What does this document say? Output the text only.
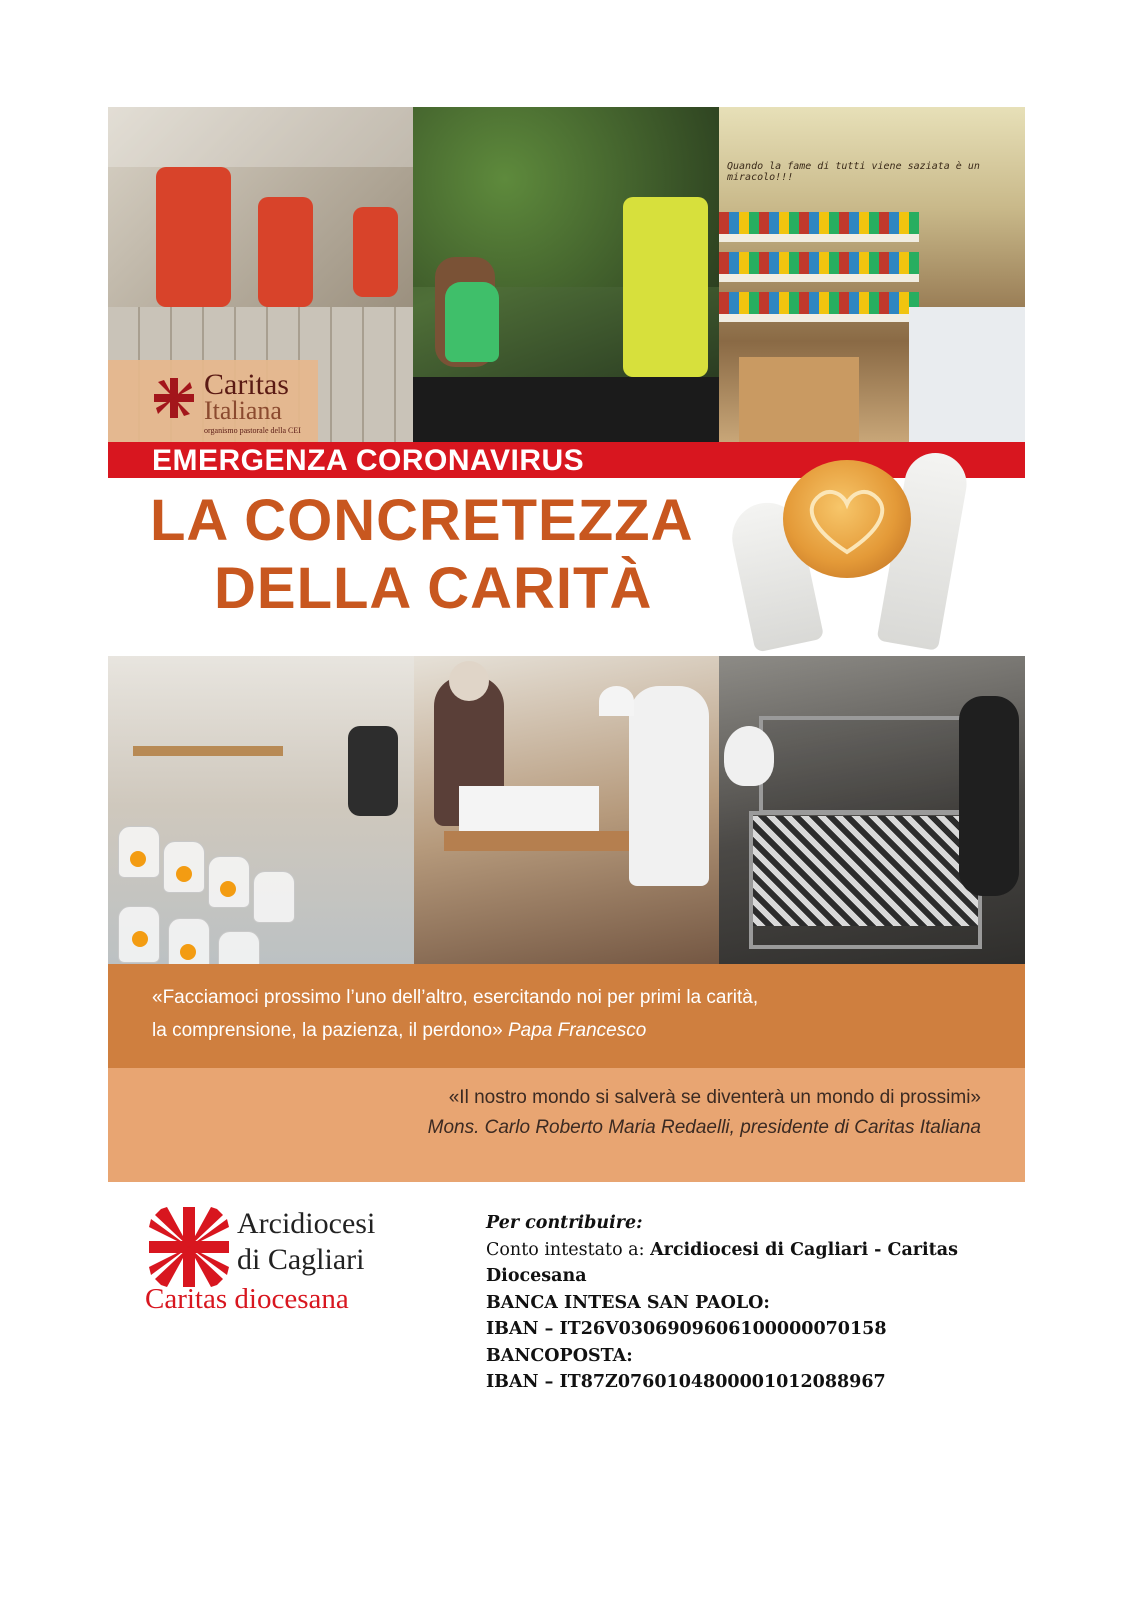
Quando la fame di tutti viene saziata è un miracolo!!!
Caritas
Italiana
organismo pastorale della CEI
EMERGENZA CORONAVIRUS
LA CONCRETEZZA
DELLA CARITÀ
«Facciamoci prossimo l’uno dell’altro, esercitando noi per primi la carità,
la comprensione, la pazienza, il perdono» Papa Francesco
«Il nostro mondo si salverà se diventerà un mondo di prossimi»
Mons. Carlo Roberto Maria Redaelli, presidente di Caritas Italiana
Arcidiocesi
di Cagliari
Caritas diocesana
Per contribuire:
Conto intestato a: Arcidiocesi di Cagliari - Caritas Diocesana
BANCA INTESA SAN PAOLO:
IBAN – IT26V0306909606100000070158
BANCOPOSTA:
IBAN – IT87Z0760104800001012088967
